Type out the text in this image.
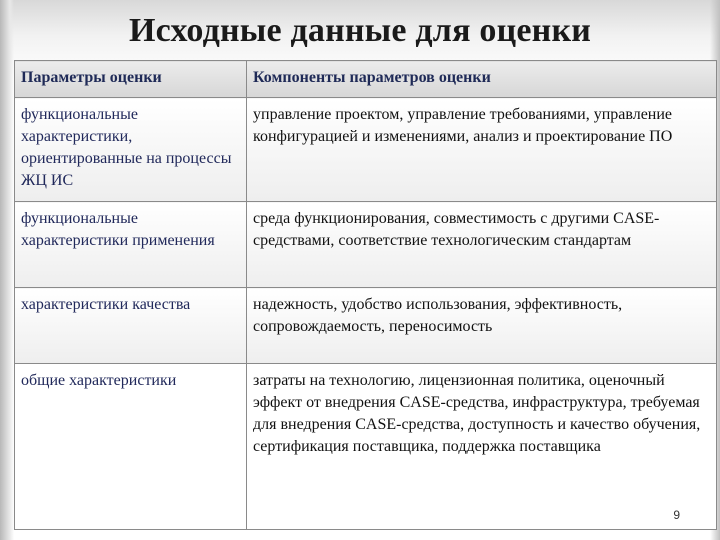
Исходные данные для оценки
Параметры оценки	Компоненты параметров оценки
функциональные характеристики, ориентированные на процессы ЖЦ ИС	управление проектом, управление требованиями, управление конфигурацией и изменениями, анализ и проектирование ПО
функциональные характеристики применения	среда функционирования, совместимость с другими CASE-средствами, соответствие технологическим стандартам
характеристики качества	надежность, удобство использования, эффективность, сопровождаемость, переносимость
общие характеристики	затраты на технологию, лицензионная политика, оценочный эффект от внедрения CASE-средства, инфраструктура, требуемая для внедрения CASE-средства, доступность и качество обучения, сертификация поставщика, поддержка поставщика
9
